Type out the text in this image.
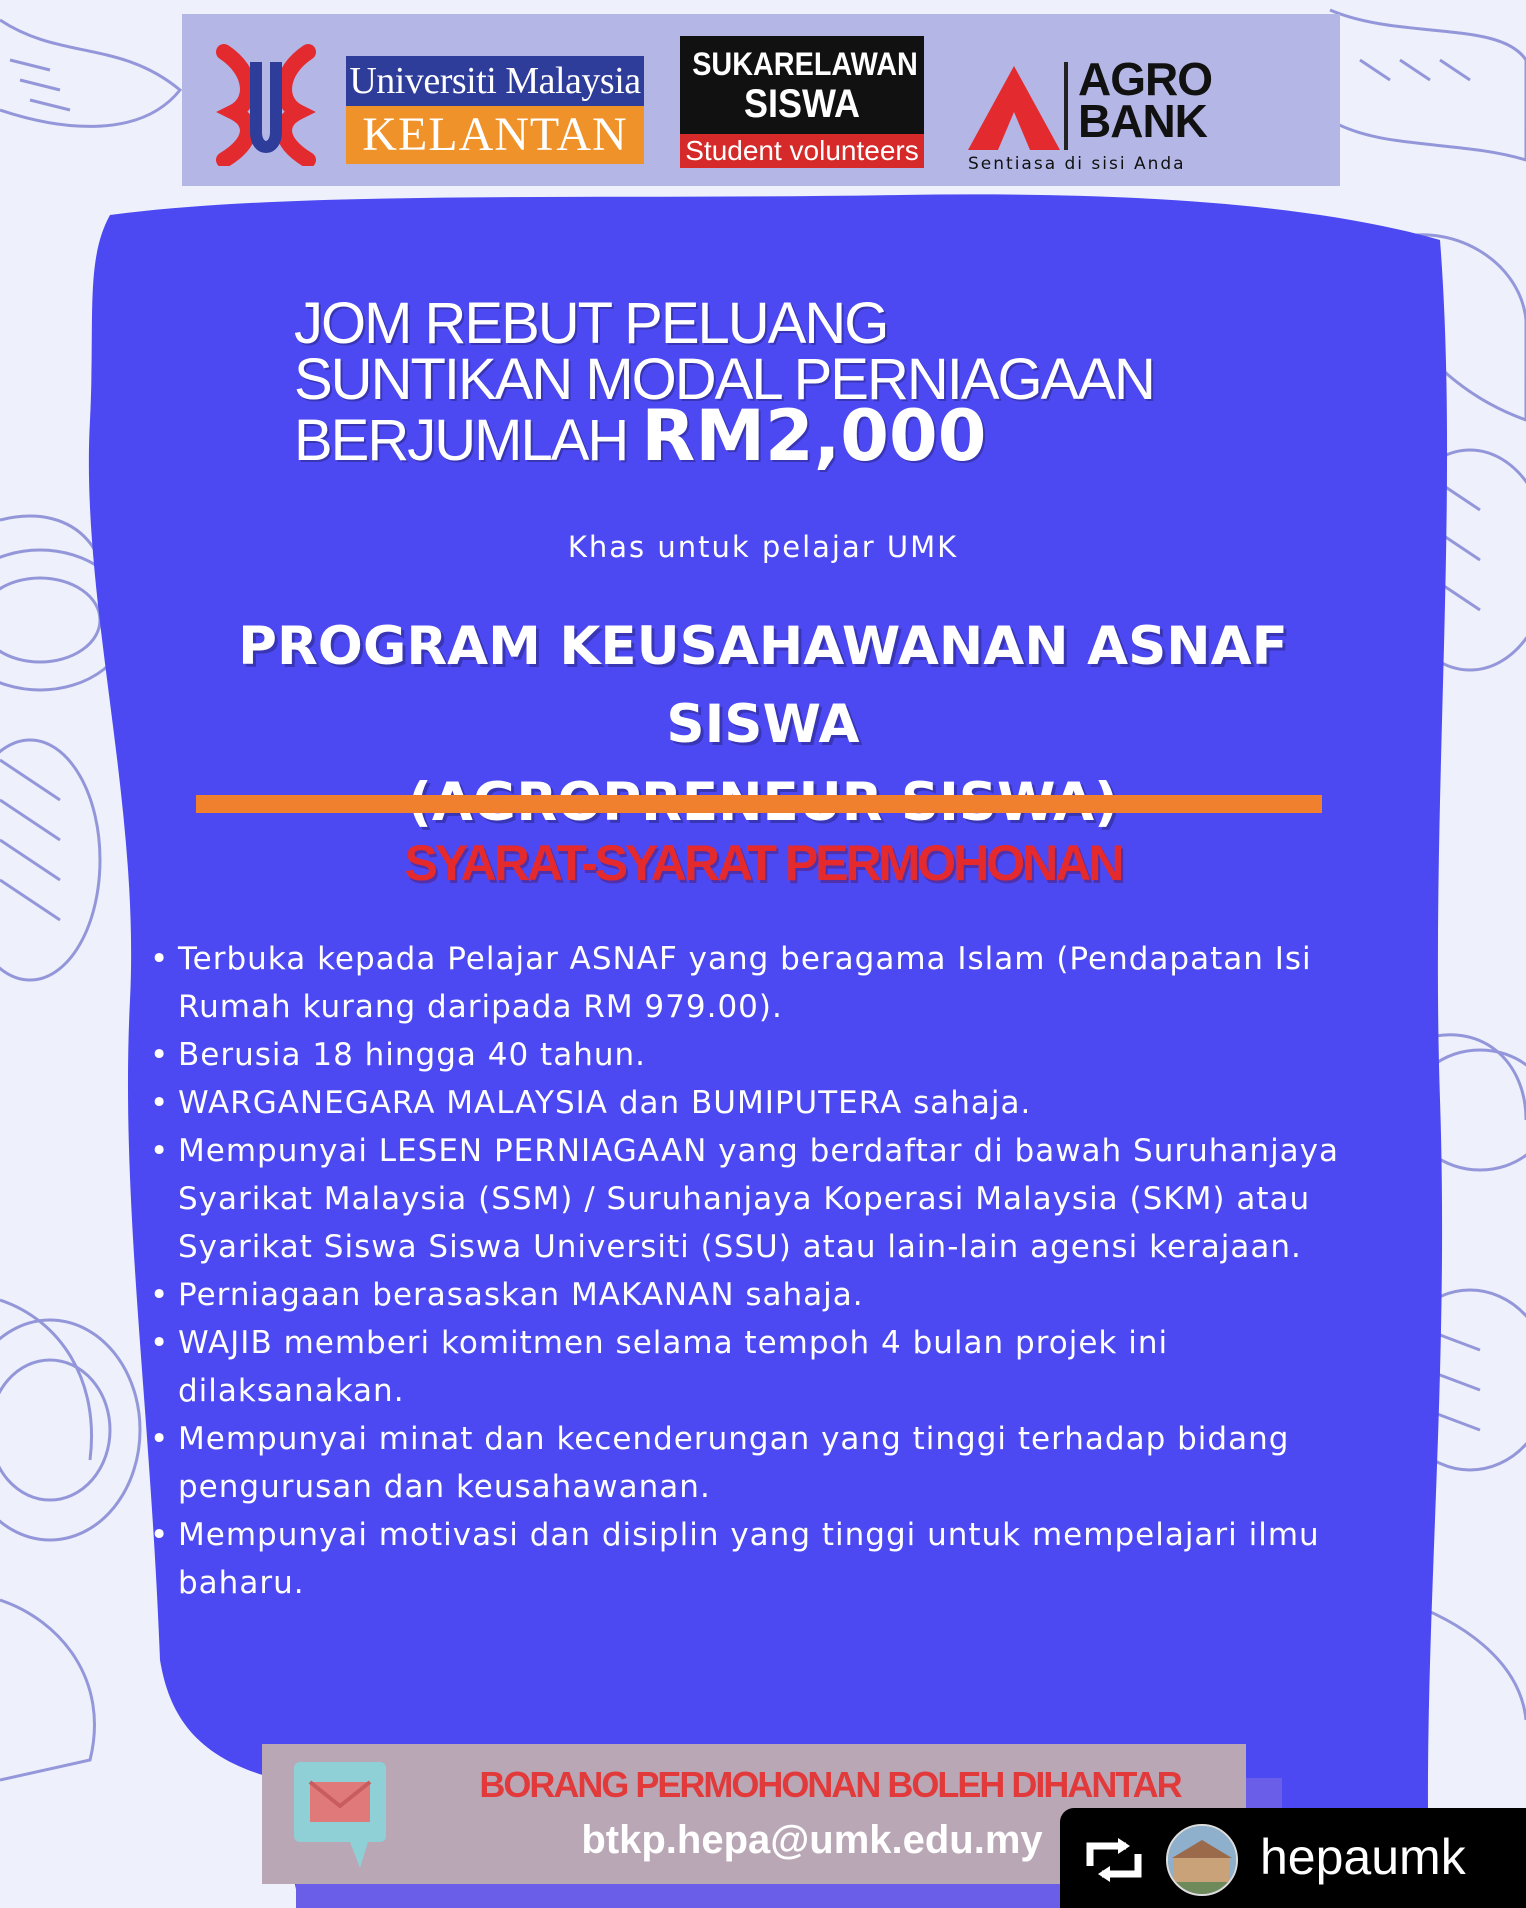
Universiti Malaysia
KELANTAN
SUKARELAWAN
SISWA
Student volunteers
AGRO
BANK
Sentiasa di sisi Anda
JOM REBUT PELUANG
SUNTIKAN MODAL PERNIAGAAN
BERJUMLAH RM2,000
Khas untuk pelajar UMK
PROGRAM KEUSAHAWANAN ASNAF SISWA
SYARAT-SYARAT PERMOHONAN
• Terbuka kepada Pelajar ASNAF yang beragama Islam (Pendapatan Isi Rumah kurang daripada RM 979.00).
• Berusia 18 hingga 40 tahun.
• WARGANEGARA MALAYSIA dan BUMIPUTERA sahaja.
• Mempunyai LESEN PERNIAGAAN yang berdaftar di bawah Suruhanjaya Syarikat Malaysia (SSM) / Suruhanjaya Koperasi Malaysia (SKM) atau Syarikat Siswa Siswa Universiti (SSU) atau lain-lain agensi kerajaan.
• Perniagaan berasaskan MAKANAN sahaja.
• WAJIB memberi komitmen selama tempoh 4 bulan projek ini dilaksanakan.
• Mempunyai minat dan kecenderungan yang tinggi terhadap bidang pengurusan dan keusahawanan.
• Mempunyai motivasi dan disiplin yang tinggi untuk mempelajari ilmu baharu.
BORANG PERMOHONAN BOLEH DIHANTAR
btkp.hepa@umk.edu.my	hepaumk
